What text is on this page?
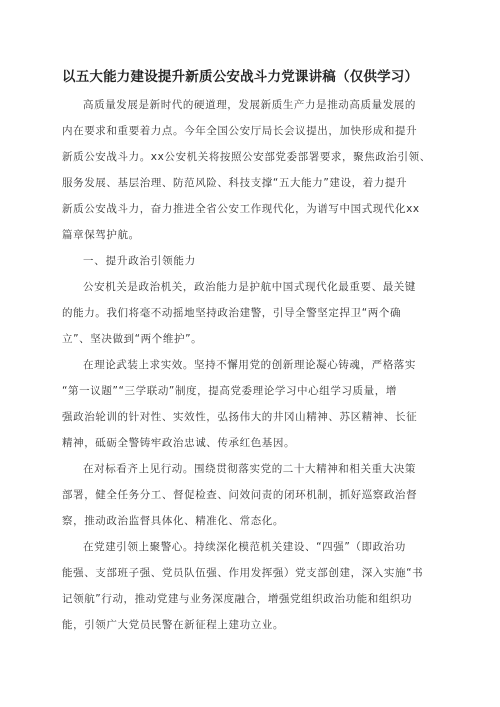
以五大能力建设提升新质公安战斗力党课讲稿（仅供学习）
高质量发展是新时代的硬道理，发展新质生产力是推动高质量发展的
内在要求和重要着力点。今年全国公安厅局长会议提出，加快形成和提升
新质公安战斗力。xx公安机关将按照公安部党委部署要求，聚焦政治引领、
服务发展、基层治理、防范风险、科技支撑“五大能力”建设，着力提升
新质公安战斗力，奋力推进全省公安工作现代化，为谱写中国式现代化xx
篇章保驾护航。
一、提升政治引领能力
公安机关是政治机关，政治能力是护航中国式现代化最重要、最关键
的能力。我们将毫不动摇地坚持政治建警，引导全警坚定捍卫“两个确
立”、坚决做到“两个维护”。
在理论武装上求实效。坚持不懈用党的创新理论凝心铸魂，严格落实
“第一议题”“三学联动”制度，提高党委理论学习中心组学习质量，增
强政治轮训的针对性、实效性，弘扬伟大的井冈山精神、苏区精神、长征
精神，砥砺全警铸牢政治忠诚、传承红色基因。
在对标看齐上见行动。围绕贯彻落实党的二十大精神和相关重大决策
部署，健全任务分工、督促检查、问效问责的闭环机制，抓好巡察政治督
察，推动政治监督具体化、精准化、常态化。
在党建引领上聚警心。持续深化模范机关建设、“四强”（即政治功
能强、支部班子强、党员队伍强、作用发挥强）党支部创建，深入实施“书
记领航”行动，推动党建与业务深度融合，增强党组织政治功能和组织功
能，引领广大党员民警在新征程上建功立业。
